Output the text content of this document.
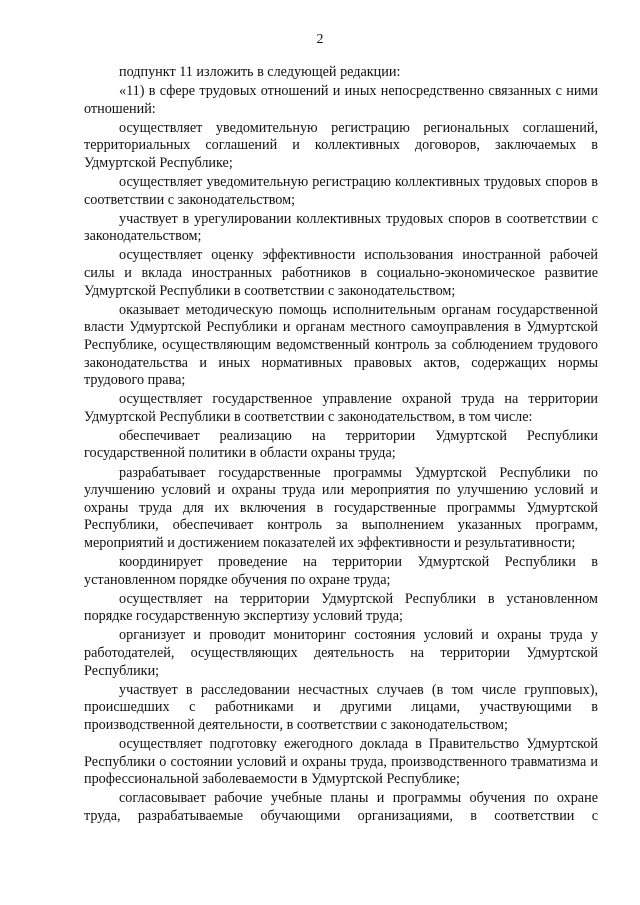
2

подпункт 11 изложить в следующей редакции:

«11) в сфере трудовых отношений и иных непосредственно связанных с ними отношений:

осуществляет уведомительную регистрацию региональных соглашений, территориальных соглашений и коллективных договоров, заключаемых в Удмуртской Республике;

осуществляет уведомительную регистрацию коллективных трудовых споров в соответствии с законодательством;

участвует в урегулировании коллективных трудовых споров в соответствии с законодательством;

осуществляет оценку эффективности использования иностранной рабочей силы и вклада иностранных работников в социально-экономическое развитие Удмуртской Республики в соответствии с законодательством;

оказывает методическую помощь исполнительным органам государственной власти Удмуртской Республики и органам местного самоуправления в Удмуртской Республике, осуществляющим ведомственный контроль за соблюдением трудового законодательства и иных нормативных правовых актов, содержащих нормы трудового права;

осуществляет государственное управление охраной труда на территории Удмуртской Республики в соответствии с законодательством, в том числе:

обеспечивает реализацию на территории Удмуртской Республики государственной политики в области охраны труда;

разрабатывает государственные программы Удмуртской Республики по улучшению условий и охраны труда или мероприятия по улучшению условий и охраны труда для их включения в государственные программы Удмуртской Республики, обеспечивает контроль за выполнением указанных программ, мероприятий и достижением показателей их эффективности и результативности;

координирует проведение на территории Удмуртской Республики в установленном порядке обучения по охране труда;

осуществляет на территории Удмуртской Республики в установленном порядке государственную экспертизу условий труда;

организует и проводит мониторинг состояния условий и охраны труда у работодателей, осуществляющих деятельность на территории Удмуртской Республики;

участвует в расследовании несчастных случаев (в том числе групповых), происшедших с работниками и другими лицами, участвующими в производственной деятельности, в соответствии с законодательством;

осуществляет подготовку ежегодного доклада в Правительство Удмуртской Республики о состоянии условий и охраны труда, производственного травматизма и профессиональной заболеваемости в Удмуртской Республике;

согласовывает рабочие учебные планы и программы обучения по охране труда, разрабатываемые обучающими организациями, в соответствии с
